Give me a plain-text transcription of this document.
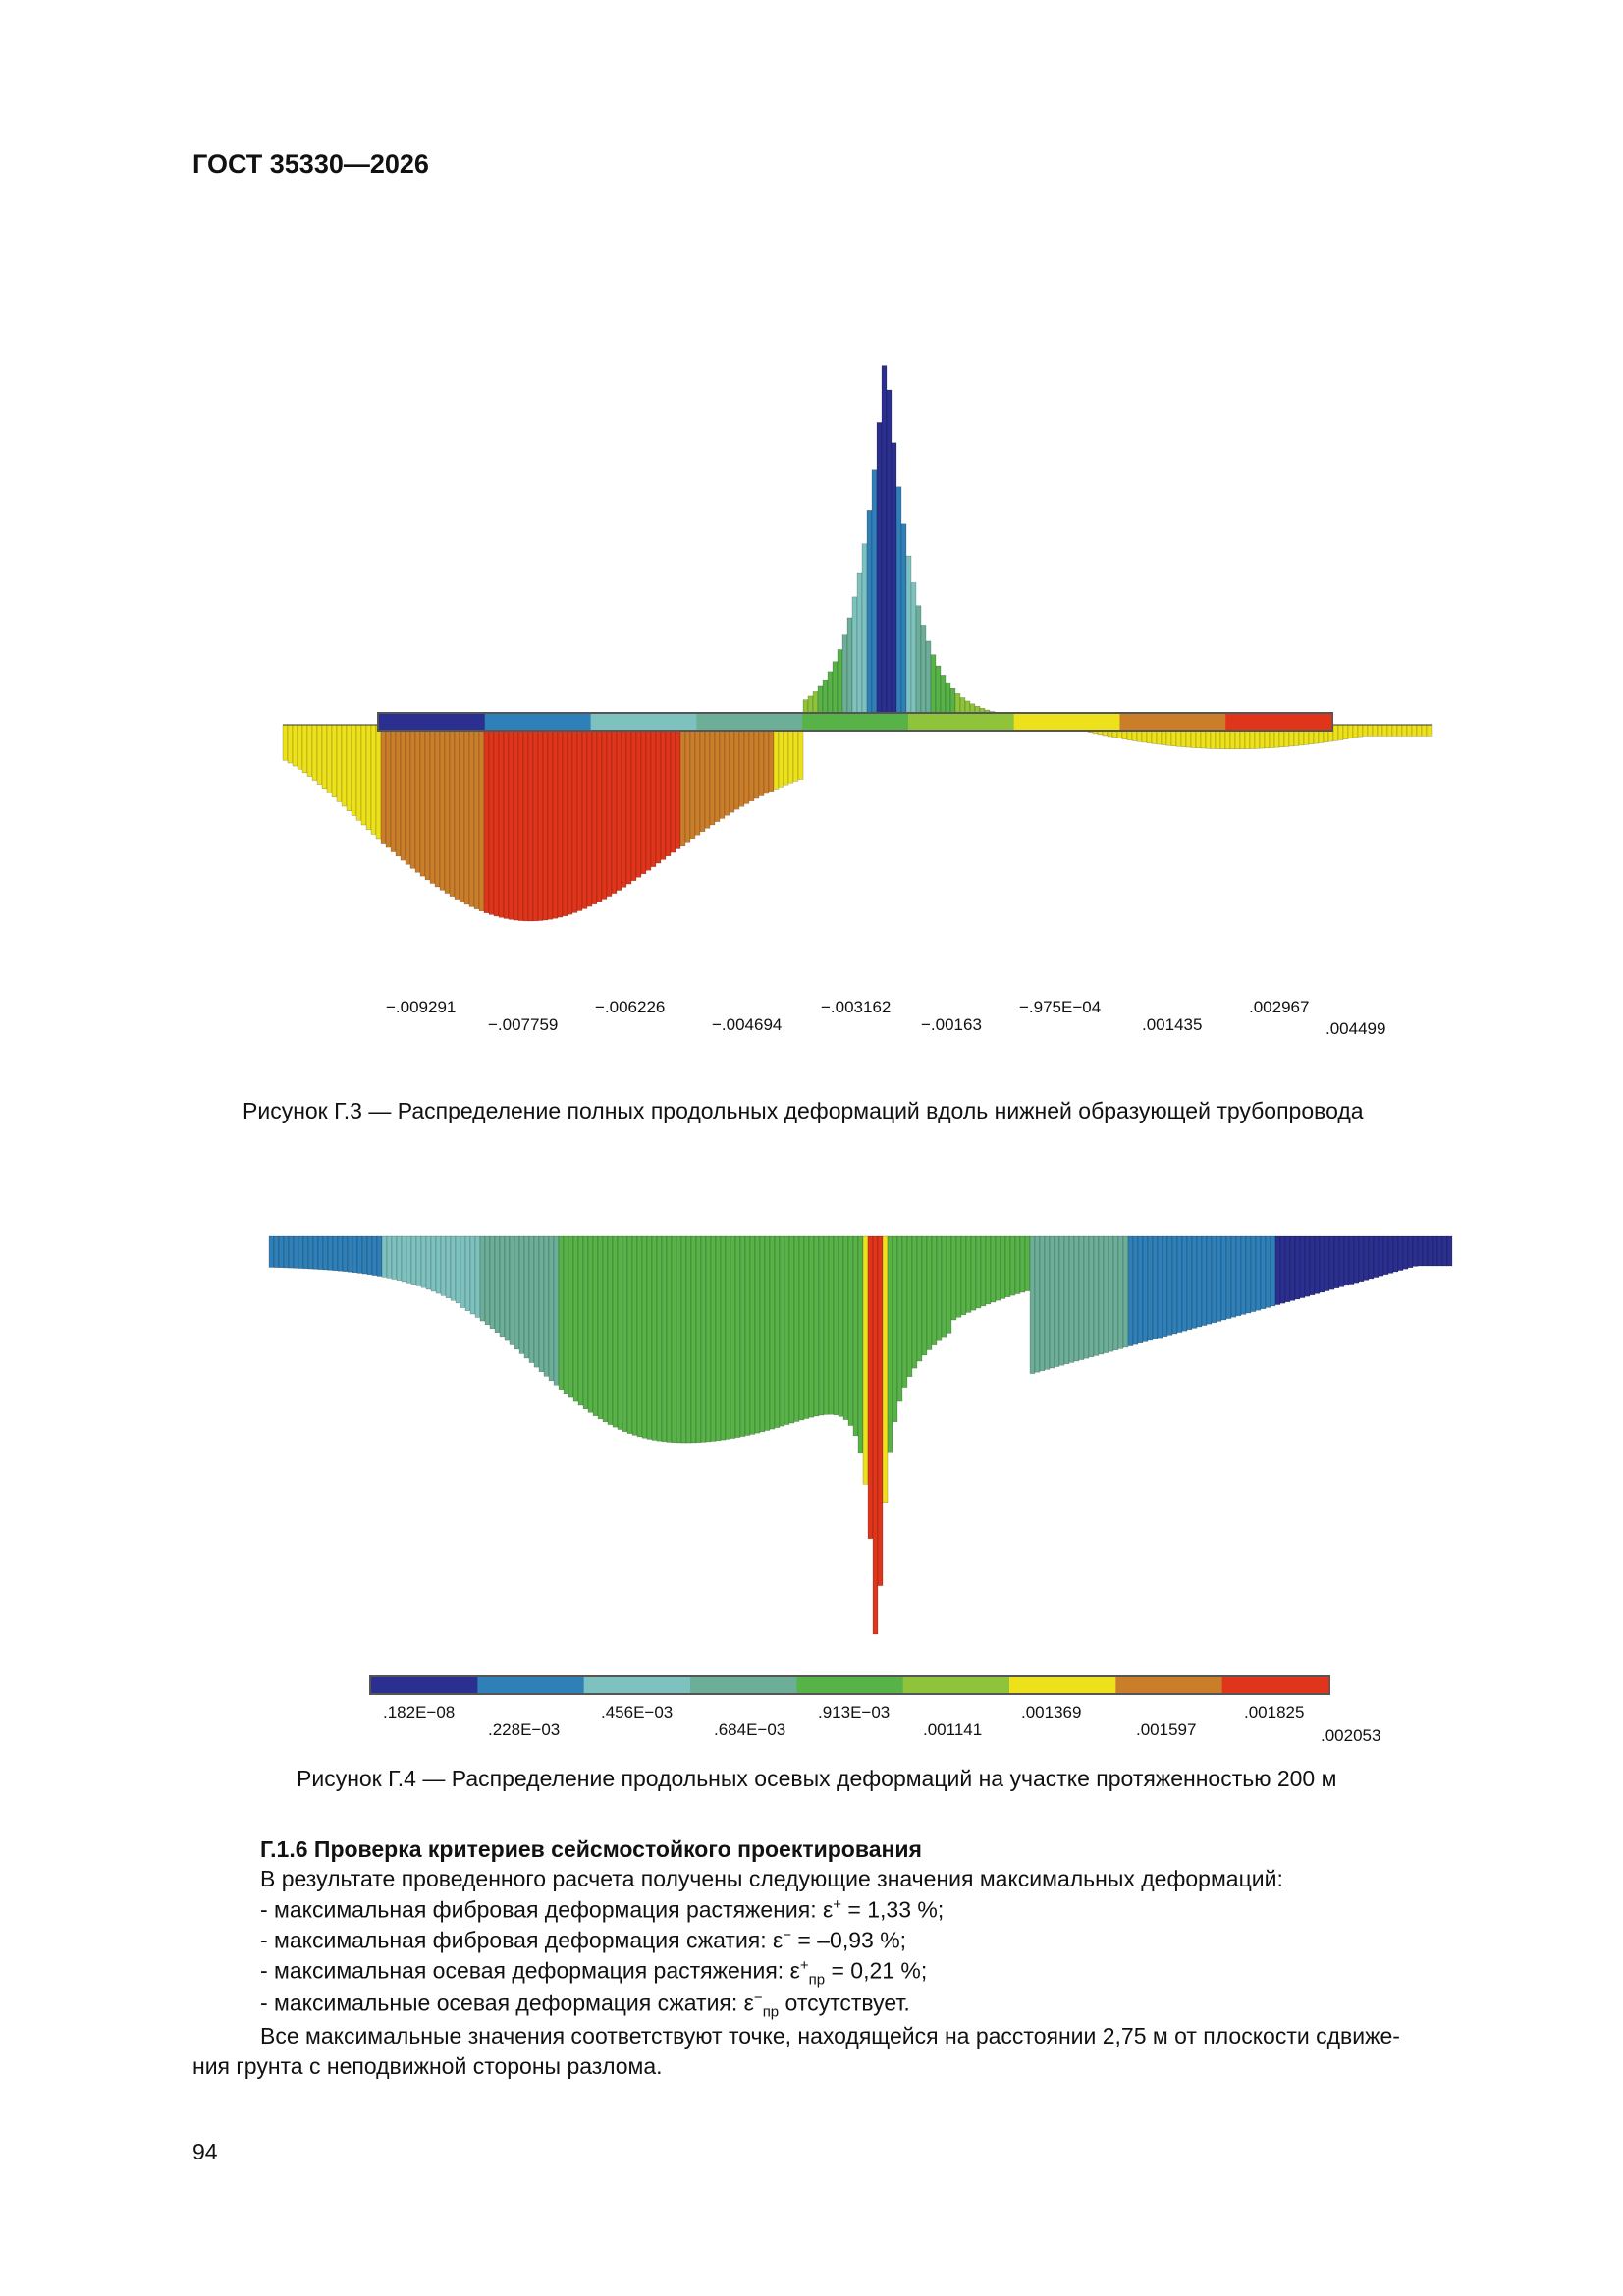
ГОСТ 35330—2026
−.009291
−.007759
−.006226
−.004694
−.003162
−.00163
−.975E−04
.001435
.002967
.004499
Рисунок Г.3 — Распределение полных продольных деформаций вдоль нижней образующей трубопровода
.182E−08
.228E−03
.456E−03
.684E−03
.913E−03
.001141
.001369
.001597
.001825
.002053
Рисунок Г.4 — Распределение продольных осевых деформаций на участке протяженностью 200 м
Г.1.6 Проверка критериев сейсмостойкого проектирования
В результате проведенного расчета получены следующие значения максимальных деформаций:
- максимальная фибровая деформация растяжения: ε+ = 1,33 %;
- максимальная фибровая деформация сжатия: ε− = –0,93 %;
- максимальная осевая деформация растяжения: $\varepsilon^+_{пр} = 0,21$ %;
- максимальные осевая деформация сжатия: $\varepsilon^-_{пр}$ отсутствует.
Все максимальные значения соответствуют точке, находящейся на расстоянии 2,75 м от плоскости сдвиже-
ния грунта с неподвижной стороны разлома.
94
